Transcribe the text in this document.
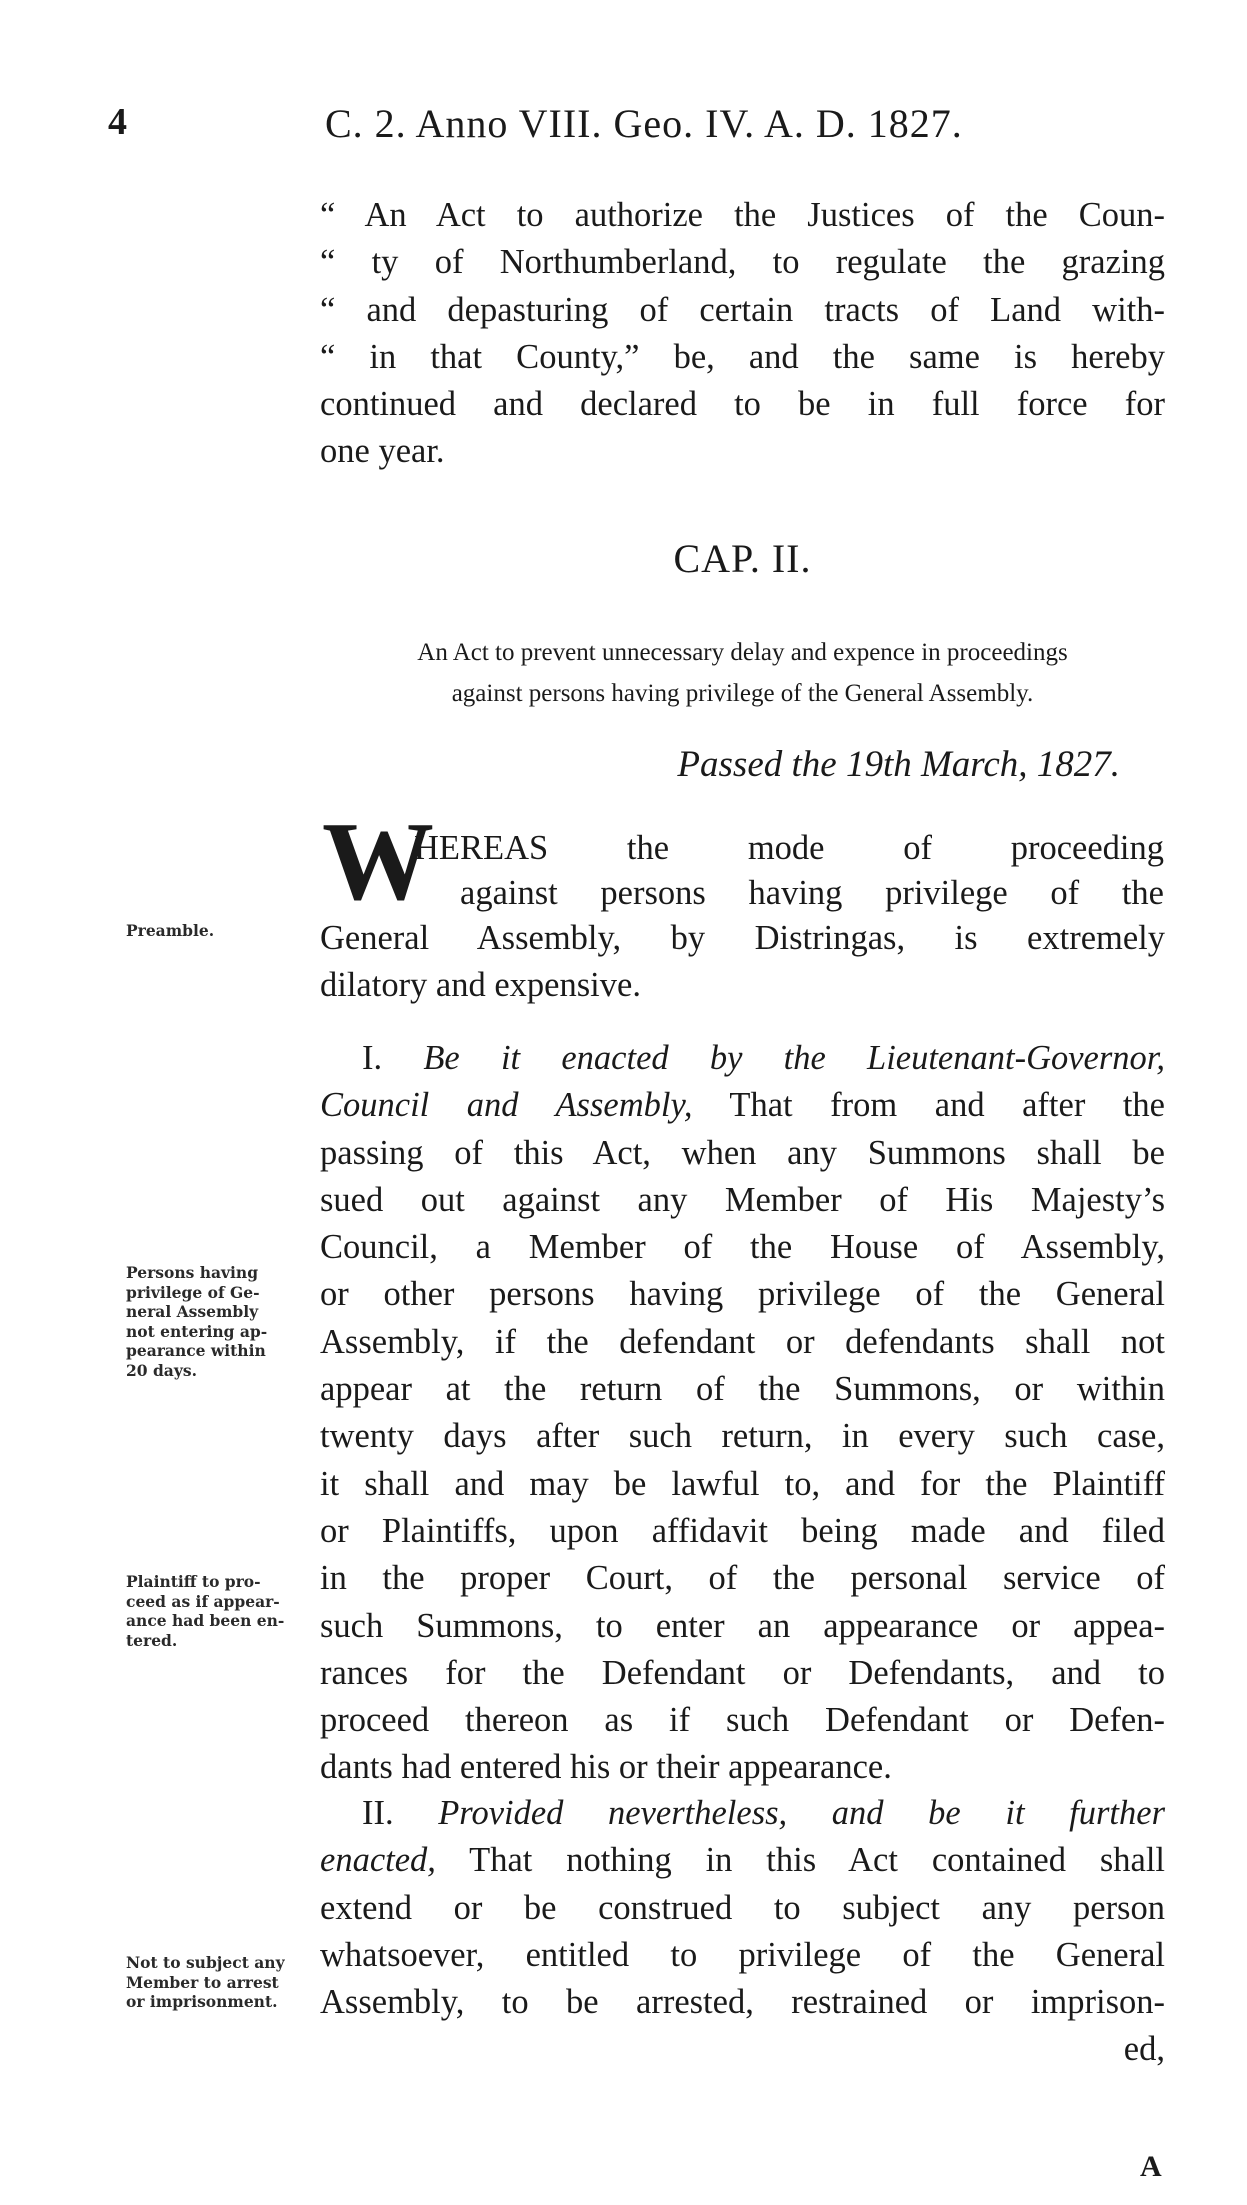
4	C. 2. Anno VIII. Geo. IV. A. D. 1827.
“ An Act to authorize the Justices of the Coun-
“ ty of Northumberland, to regulate the grazing
“ and depasturing of certain tracts of Land with-
“ in that County,” be, and the same is hereby
continued and declared to be in full force for
one year.
CAP. II.
An Act to prevent unnecessary delay and expence in proceedings
against persons having privilege of the General Assembly.
Passed the 19th March, 1827.
W
HEREAS the mode of proceeding
against persons having privilege of the
General Assembly, by Distringas, is extremely
dilatory and expensive.
I. Be it enacted by the Lieutenant-Governor,
Council and Assembly, That from and after the
passing of this Act, when any Summons shall be
sued out against any Member of His Majesty’s
Council, a Member of the House of Assembly,
or other persons having privilege of the General
Assembly, if the defendant or defendants shall not
appear at the return of the Summons, or within
twenty days after such return, in every such case,
it shall and may be lawful to, and for the Plaintiff
or Plaintiffs, upon affidavit being made and filed
in the proper Court, of the personal service of
such Summons, to enter an appearance or appea-
rances for the Defendant or Defendants, and to
proceed thereon as if such Defendant or Defen-
dants had entered his or their appearance.
II. Provided nevertheless, and be it further
enacted, That nothing in this Act contained shall
extend or be construed to subject any person
whatsoever, entitled to privilege of the General
Assembly, to be arrested, restrained or imprison-
ed,
Preamble.
Persons having
privilege of Ge-
neral Assembly
not entering ap-
pearance within
20 days.
Plaintiff to pro-
ceed as if appear-
ance had been en-
tered.
Not to subject any
Member to arrest
or imprisonment.
A
